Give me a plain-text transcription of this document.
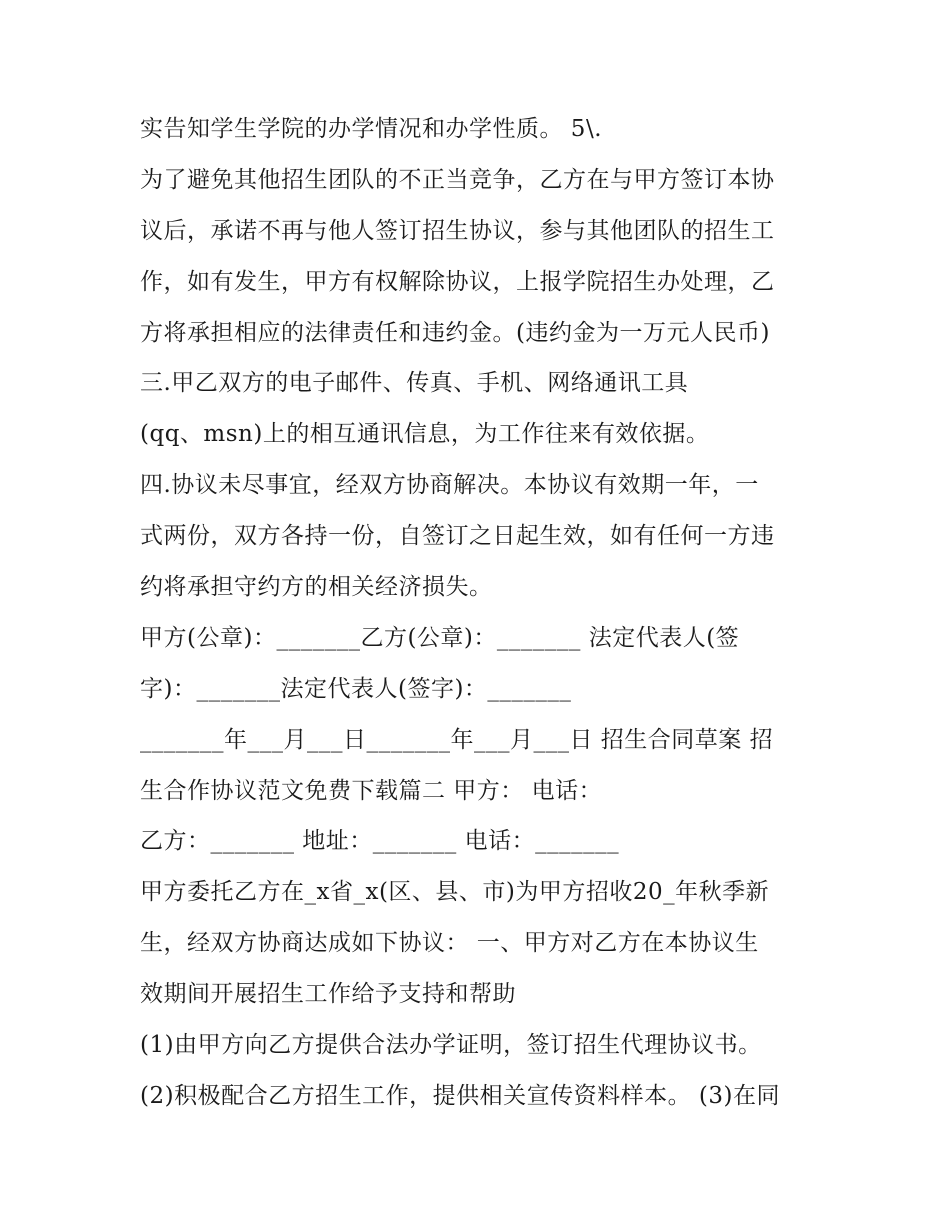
实告知学生学院的办学情况和办学性质。 5\.
为了避免其他招生团队的不正当竞争，乙方在与甲方签订本协
议后，承诺不再与他人签订招生协议，参与其他团队的招生工
作，如有发生，甲方有权解除协议，上报学院招生办处理，乙
方将承担相应的法律责任和违约金。(违约金为一万元人民币)
三.甲乙双方的电子邮件、传真、手机、网络通讯工具
(qq、msn)上的相互通讯信息，为工作往来有效依据。
四.协议未尽事宜，经双方协商解决。本协议有效期一年，一
式两份，双方各持一份，自签订之日起生效，如有任何一方违
约将承担守约方的相关经济损失。
甲方(公章)：_______乙方(公章)：_______ 法定代表人(签
字)：_______法定代表人(签字)：_______
_______年___月___日_______年___月___日 招生合同草案 招
生合作协议范文免费下载篇二 甲方： 电话：
乙方：_______ 地址：_______ 电话：_______
甲方委托乙方在_x省_x(区、县、市)为甲方招收20_年秋季新
生，经双方协商达成如下协议： 一、甲方对乙方在本协议生
效期间开展招生工作给予支持和帮助
(1)由甲方向乙方提供合法办学证明，签订招生代理协议书。
(2)积极配合乙方招生工作，提供相关宣传资料样本。 (3)在同
